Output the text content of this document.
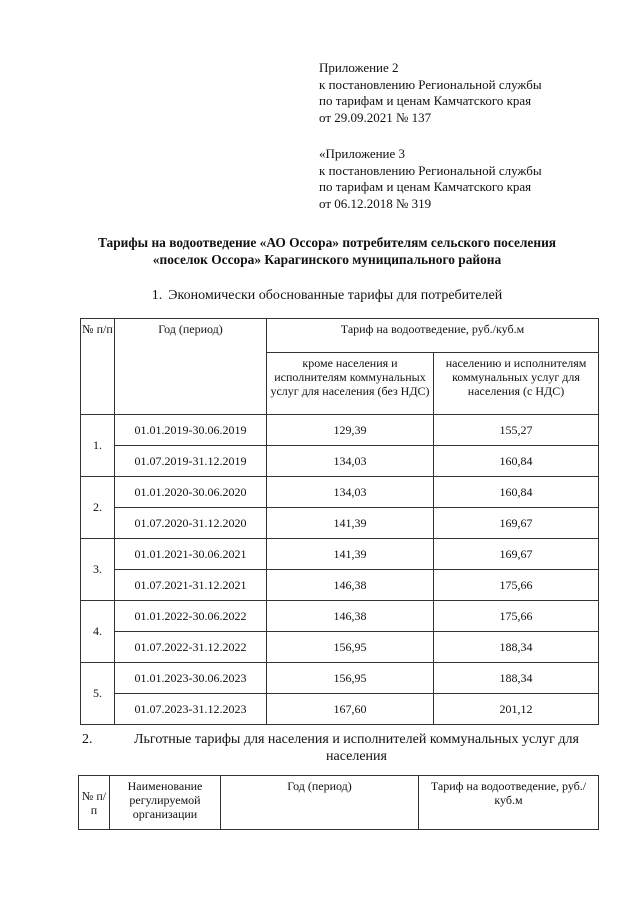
Приложение 2
к постановлению Региональной службы
по тарифам и ценам Камчатского края
от 29.09.2021 № 137
«Приложение 3
к постановлению Региональной службы
по тарифам и ценам Камчатского края
от 06.12.2018 № 319
Тарифы на водоотведение «АО Оссора» потребителям сельского поселения
«поселок Оссора» Карагинского муниципального района
1. Экономически обоснованные тарифы для потребителей
№ п/п	Год (период)	Тариф на водоотведение, руб./куб.м	
		кроме населения и исполнителям коммунальных услуг для населения (без НДС)	населению и исполнителям коммунальных услуг для населения (с НДС)
1.	01.01.2019-30.06.2019	129,39	155,27
	01.07.2019-31.12.2019	134,03	160,84
2.	01.01.2020-30.06.2020	134,03	160,84
	01.07.2020-31.12.2020	141,39	169,67
3.	01.01.2021-30.06.2021	141,39	169,67
	01.07.2021-31.12.2021	146,38	175,66
4.	01.01.2022-30.06.2022	146,38	175,66
	01.07.2022-31.12.2022	156,95	188,34
5.	01.01.2023-30.06.2023	156,95	188,34
	01.07.2023-31.12.2023	167,60	201,12
2.	Льготные тарифы для населения и исполнителей коммунальных услуг для населения
№ п/п	Наименование регулируемой организации	Год (период)	Тариф на водоотведение, руб./куб.м
